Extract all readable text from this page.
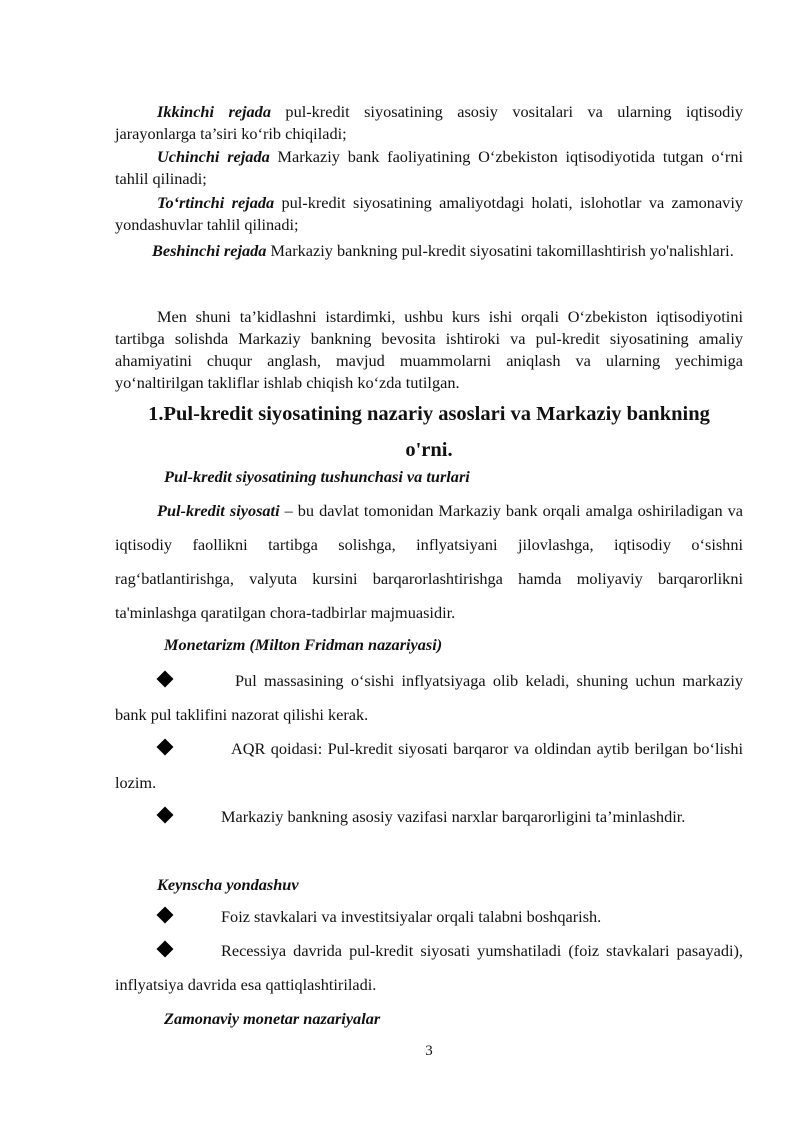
Ikkinchi rejada pul-kredit siyosatining asosiy vositalari va ularning iqtisodiy jarayonlarga ta’siri ko‘rib chiqiladi;
Uchinchi rejada Markaziy bank faoliyatining O‘zbekiston iqtisodiyotida tutgan o‘rni tahlil qilinadi;
To‘rtinchi rejada pul-kredit siyosatining amaliyotdagi holati, islohotlar va zamonaviy yondashuvlar tahlil qilinadi;
Beshinchi rejada Markaziy bankning pul-kredit siyosatini takomillashtirish yo'nalishlari.
Men shuni ta’kidlashni istardimki, ushbu kurs ishi orqali O‘zbekiston iqtisodiyotini tartibga solishda Markaziy bankning bevosita ishtiroki va pul-kredit siyosatining amaliy ahamiyatini chuqur anglash, mavjud muammolarni aniqlash va ularning yechimiga yo‘naltirilgan takliflar ishlab chiqish ko‘zda tutilgan.
1.Pul-kredit siyosatining nazariy asoslari va Markaziy bankning
o'rni.
Pul-kredit siyosatining tushunchasi va turlari
Pul-kredit siyosati – bu davlat tomonidan Markaziy bank orqali amalga oshiriladigan va iqtisodiy faollikni tartibga solishga, inflyatsiyani jilovlashga, iqtisodiy o‘sishni rag‘batlantirishga, valyuta kursini barqarorlashtirishga hamda moliyaviy barqarorlikni ta'minlashga qaratilgan chora-tadbirlar majmuasidir.
Monetarizm (Milton Fridman nazariyasi)
Pul massasining o‘sishi inflyatsiyaga olib keladi, shuning uchun markaziy bank pul taklifini nazorat qilishi kerak.
AQR qoidasi: Pul-kredit siyosati barqaror va oldindan aytib berilgan bo‘lishi lozim.
Markaziy bankning asosiy vazifasi narxlar barqarorligini ta’minlashdir.
Keynscha yondashuv
Foiz stavkalari va investitsiyalar orqali talabni boshqarish.
Recessiya davrida pul-kredit siyosati yumshatiladi (foiz stavkalari pasayadi), inflyatsiya davrida esa qattiqlashtiriladi.
Zamonaviy monetar nazariyalar
3
